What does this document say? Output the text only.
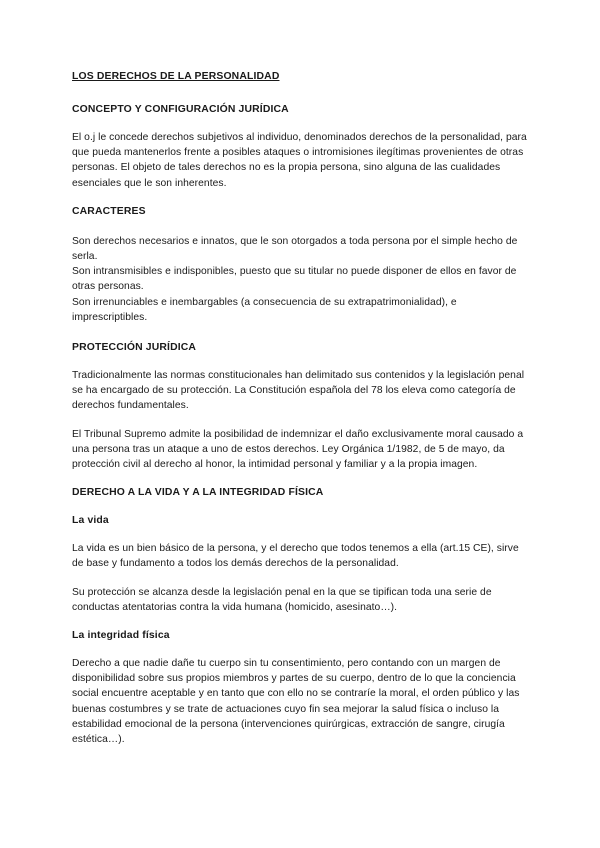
LOS DERECHOS DE LA PERSONALIDAD
CONCEPTO Y CONFIGURACIÓN JURÍDICA
El o.j le concede derechos subjetivos al individuo, denominados derechos de la personalidad, para que pueda mantenerlos frente a posibles ataques o intromisiones ilegítimas provenientes de otras personas. El objeto de tales derechos no es la propia persona, sino alguna de las cualidades esenciales que le son inherentes.
CARACTERES
Son derechos necesarios e innatos, que le son otorgados a toda persona por el simple hecho de serla.
Son intransmisibles e indisponibles, puesto que su titular no puede disponer de ellos en favor de otras personas.
Son irrenunciables e inembargables (a consecuencia de su extrapatrimonialidad), e imprescriptibles.
PROTECCIÓN JURÍDICA
Tradicionalmente las normas constitucionales han delimitado sus contenidos y la legislación penal se ha encargado de su protección. La Constitución española del 78 los eleva como categoría de derechos fundamentales.
El Tribunal Supremo admite la posibilidad de indemnizar el daño exclusivamente moral causado a una persona tras un ataque a uno de estos derechos. Ley Orgánica 1/1982, de 5 de mayo, da protección civil al derecho al honor, la intimidad personal y familiar y a la propia imagen.
DERECHO A LA VIDA Y A LA INTEGRIDAD FÍSICA
La vida
La vida es un bien básico de la persona, y el derecho que todos tenemos a ella (art.15 CE), sirve de base y fundamento a todos los demás derechos de la personalidad.
Su protección se alcanza desde la legislación penal en la que se tipifican toda una serie de conductas atentatorias contra la vida humana (homicido, asesinato…).
La integridad física
Derecho a que nadie dañe tu cuerpo sin tu consentimiento, pero contando con un margen de disponibilidad sobre sus propios miembros y partes de su cuerpo, dentro de lo que la conciencia social encuentre aceptable y en tanto que con ello no se contraríe la moral, el orden público y las buenas costumbres y se trate de actuaciones cuyo fin sea mejorar la salud física o incluso la estabilidad emocional de la persona (intervenciones quirúrgicas, extracción de sangre, cirugía estética…).
